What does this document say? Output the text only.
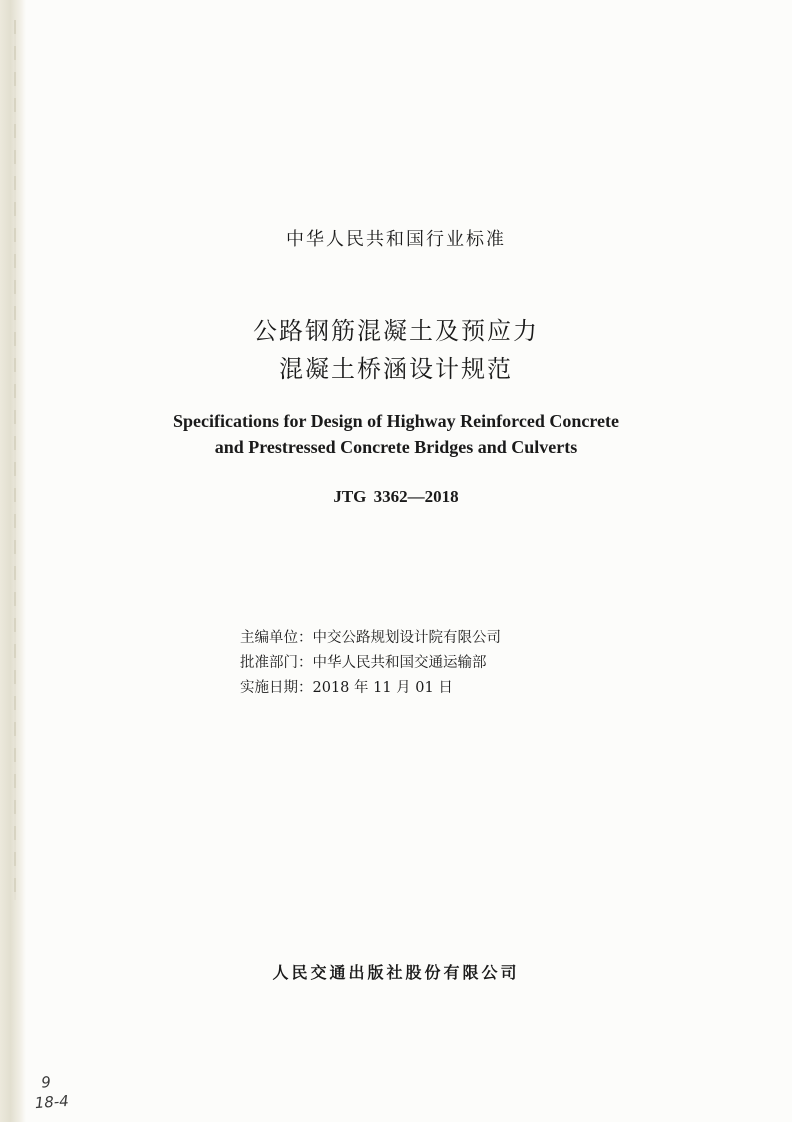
中华人民共和国行业标准
公路钢筋混凝土及预应力
混凝土桥涵设计规范
Specifications for Design of Highway Reinforced Concrete
and Prestressed Concrete Bridges and Culverts
JTG 3362—2018
主编单位：中交公路规划设计院有限公司
批准部门：中华人民共和国交通运输部
实施日期：2018 年 11 月 01 日
人民交通出版社股份有限公司
9
18-4
